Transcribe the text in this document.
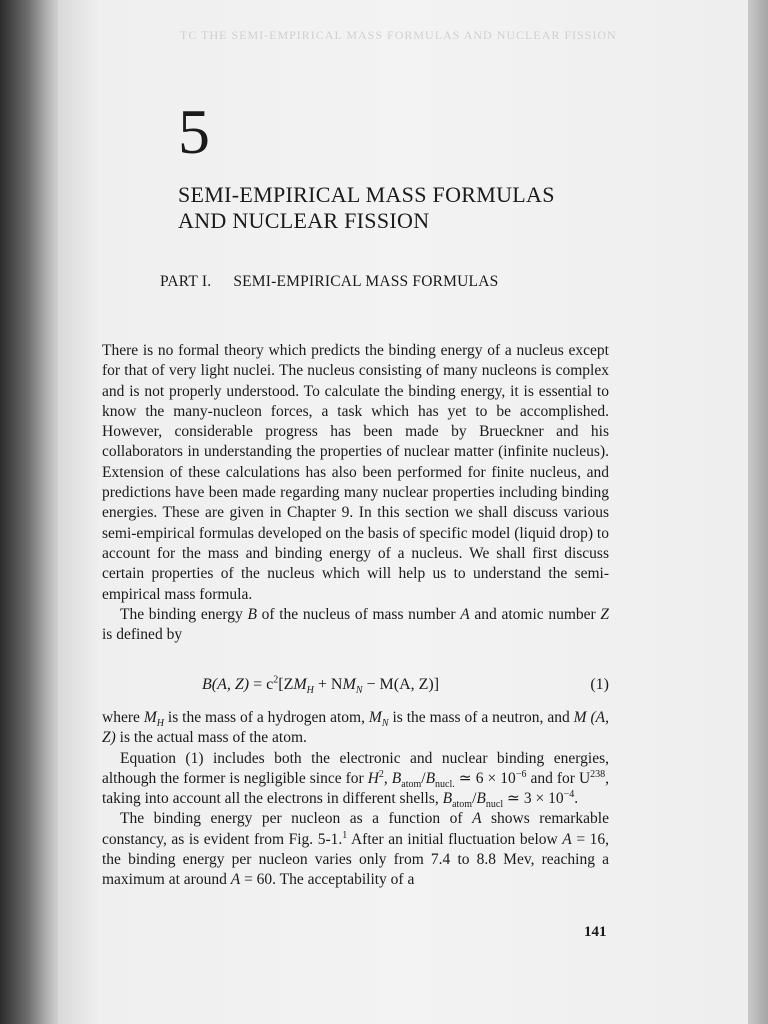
TC THE SEMI-EMPIRICAL MASS FORMULAS AND NUCLEAR FISSION
5
SEMI-EMPIRICAL MASS FORMULAS
AND NUCLEAR FISSION
PART I. SEMI-EMPIRICAL MASS FORMULAS

There is no formal theory which predicts the binding energy of a nucleus except for that of very light nuclei. The nucleus consisting of many nucleons is complex and is not properly understood. To calculate the binding energy, it is essential to know the many-nucleon forces, a task which has yet to be accomplished. However, considerable progress has been made by Brueckner and his collaborators in understanding the properties of nuclear matter (infinite nucleus). Extension of these calculations has also been performed for finite nucleus, and predictions have been made regarding many nuclear properties including binding energies. These are given in Chapter 9. In this section we shall discuss various semi-empirical formulas developed on the basis of specific model (liquid drop) to account for the mass and binding energy of a nucleus. We shall first discuss certain properties of the nucleus which will help us to understand the semi-empirical mass formula.

The binding energy B of the nucleus of mass number A and atomic number Z is defined by

B(A, $Z) = c^2[ZM_H + NM_N - M(A$, Z)]	(1)

where $M_H$ is the mass of a hydrogen atom, $M_N$ is the mass of a neutron, and M (A, Z) is the actual mass of the atom.

Equation (1) includes both the electronic and nuclear binding energies, although the former is negligible since for $H^2$, $B_{atom}/B_{nucl.}$ ≃ $6 \times 10^{-6}$ and for $U^{238}$, taking into account all the electrons in different shells, $B_{atom}/B_{nucl}$ ≃ $3 \times 10^{-4}$.

The binding energy per nucleon as a function of A shows remarkable constancy, as is evident from Fig. 5-1.$^1$ After an initial fluctuation below A = 16, the binding energy per nucleon varies only from 7.4 to 8.8 Mev, reaching a maximum at around A = 60. The acceptability of a

141
